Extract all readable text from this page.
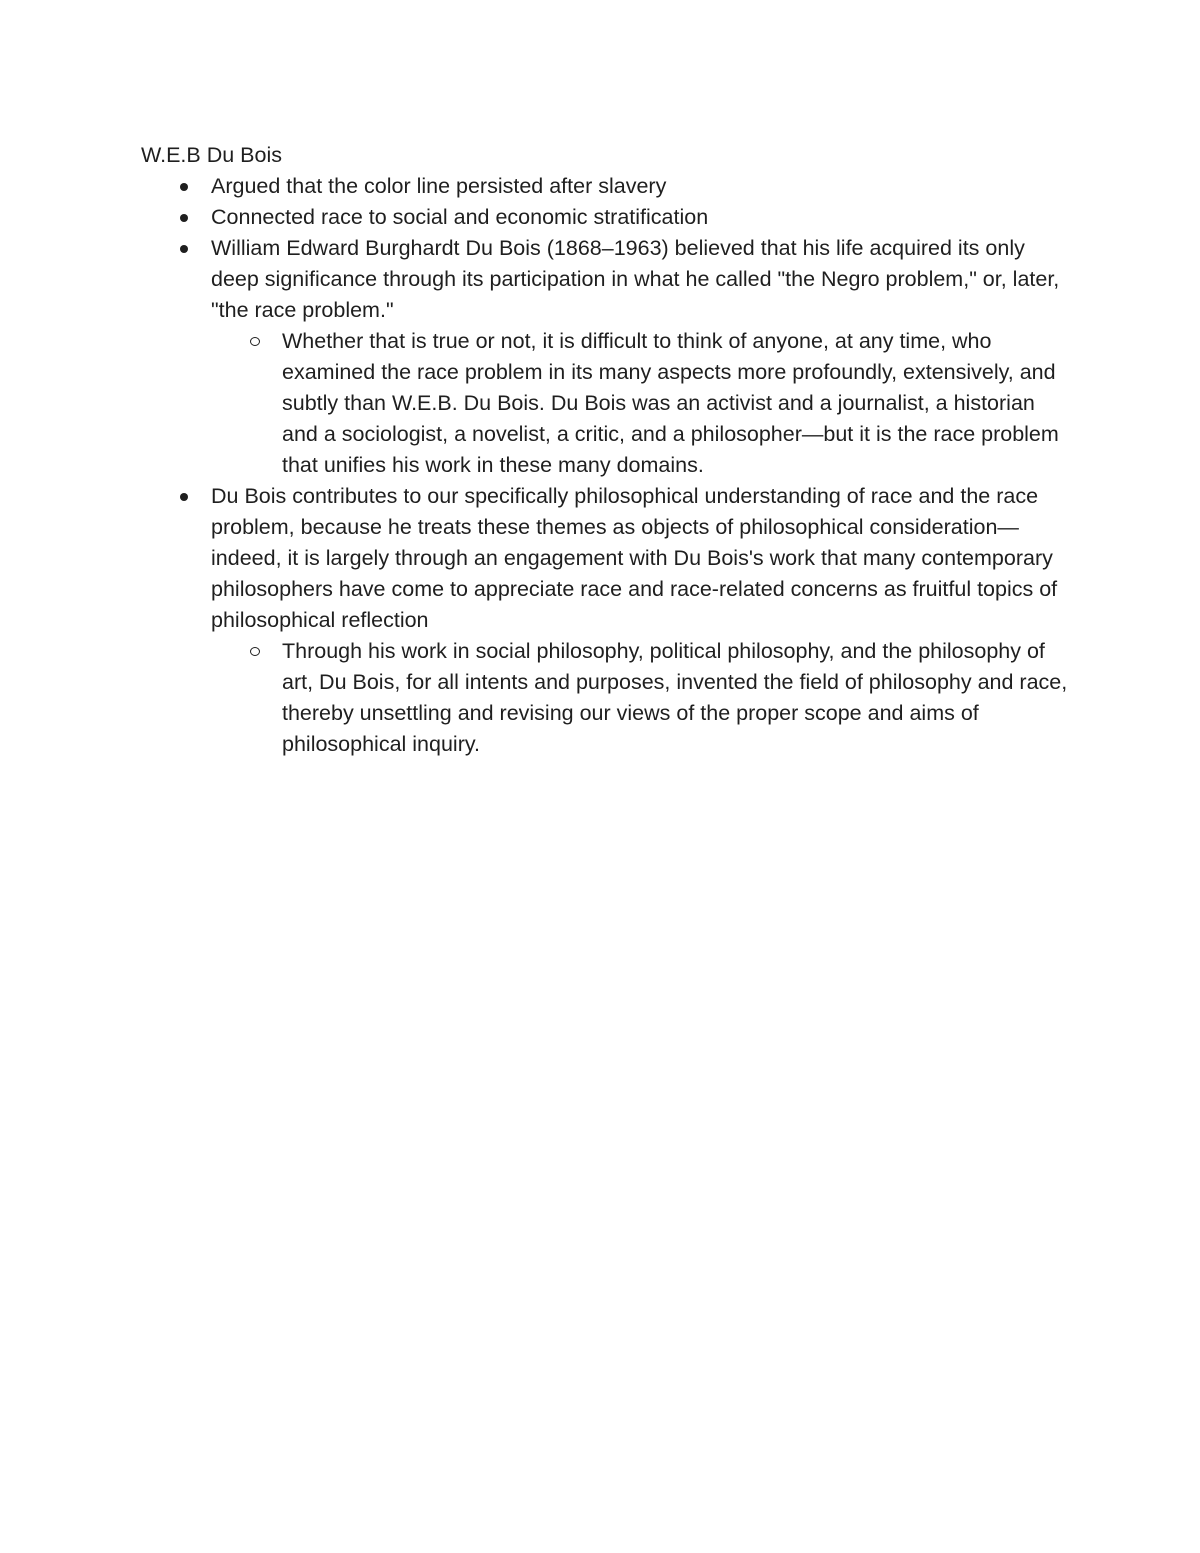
W.E.B Du Bois

Argued that the color line persisted after slavery
Connected race to social and economic stratification
William Edward Burghardt Du Bois (1868–1963) believed that his life acquired its only deep significance through its participation in what he called "the Negro problem," or, later, "the race problem."
Whether that is true or not, it is difficult to think of anyone, at any time, who examined the race problem in its many aspects more profoundly, extensively, and subtly than W.E.B. Du Bois. Du Bois was an activist and a journalist, a historian and a sociologist, a novelist, a critic, and a philosopher—but it is the race problem that unifies his work in these many domains.
Du Bois contributes to our specifically philosophical understanding of race and the race problem, because he treats these themes as objects of philosophical consideration—indeed, it is largely through an engagement with Du Bois's work that many contemporary philosophers have come to appreciate race and race-related concerns as fruitful topics of philosophical reflection
Through his work in social philosophy, political philosophy, and the philosophy of art, Du Bois, for all intents and purposes, invented the field of philosophy and race, thereby unsettling and revising our views of the proper scope and aims of philosophical inquiry.
